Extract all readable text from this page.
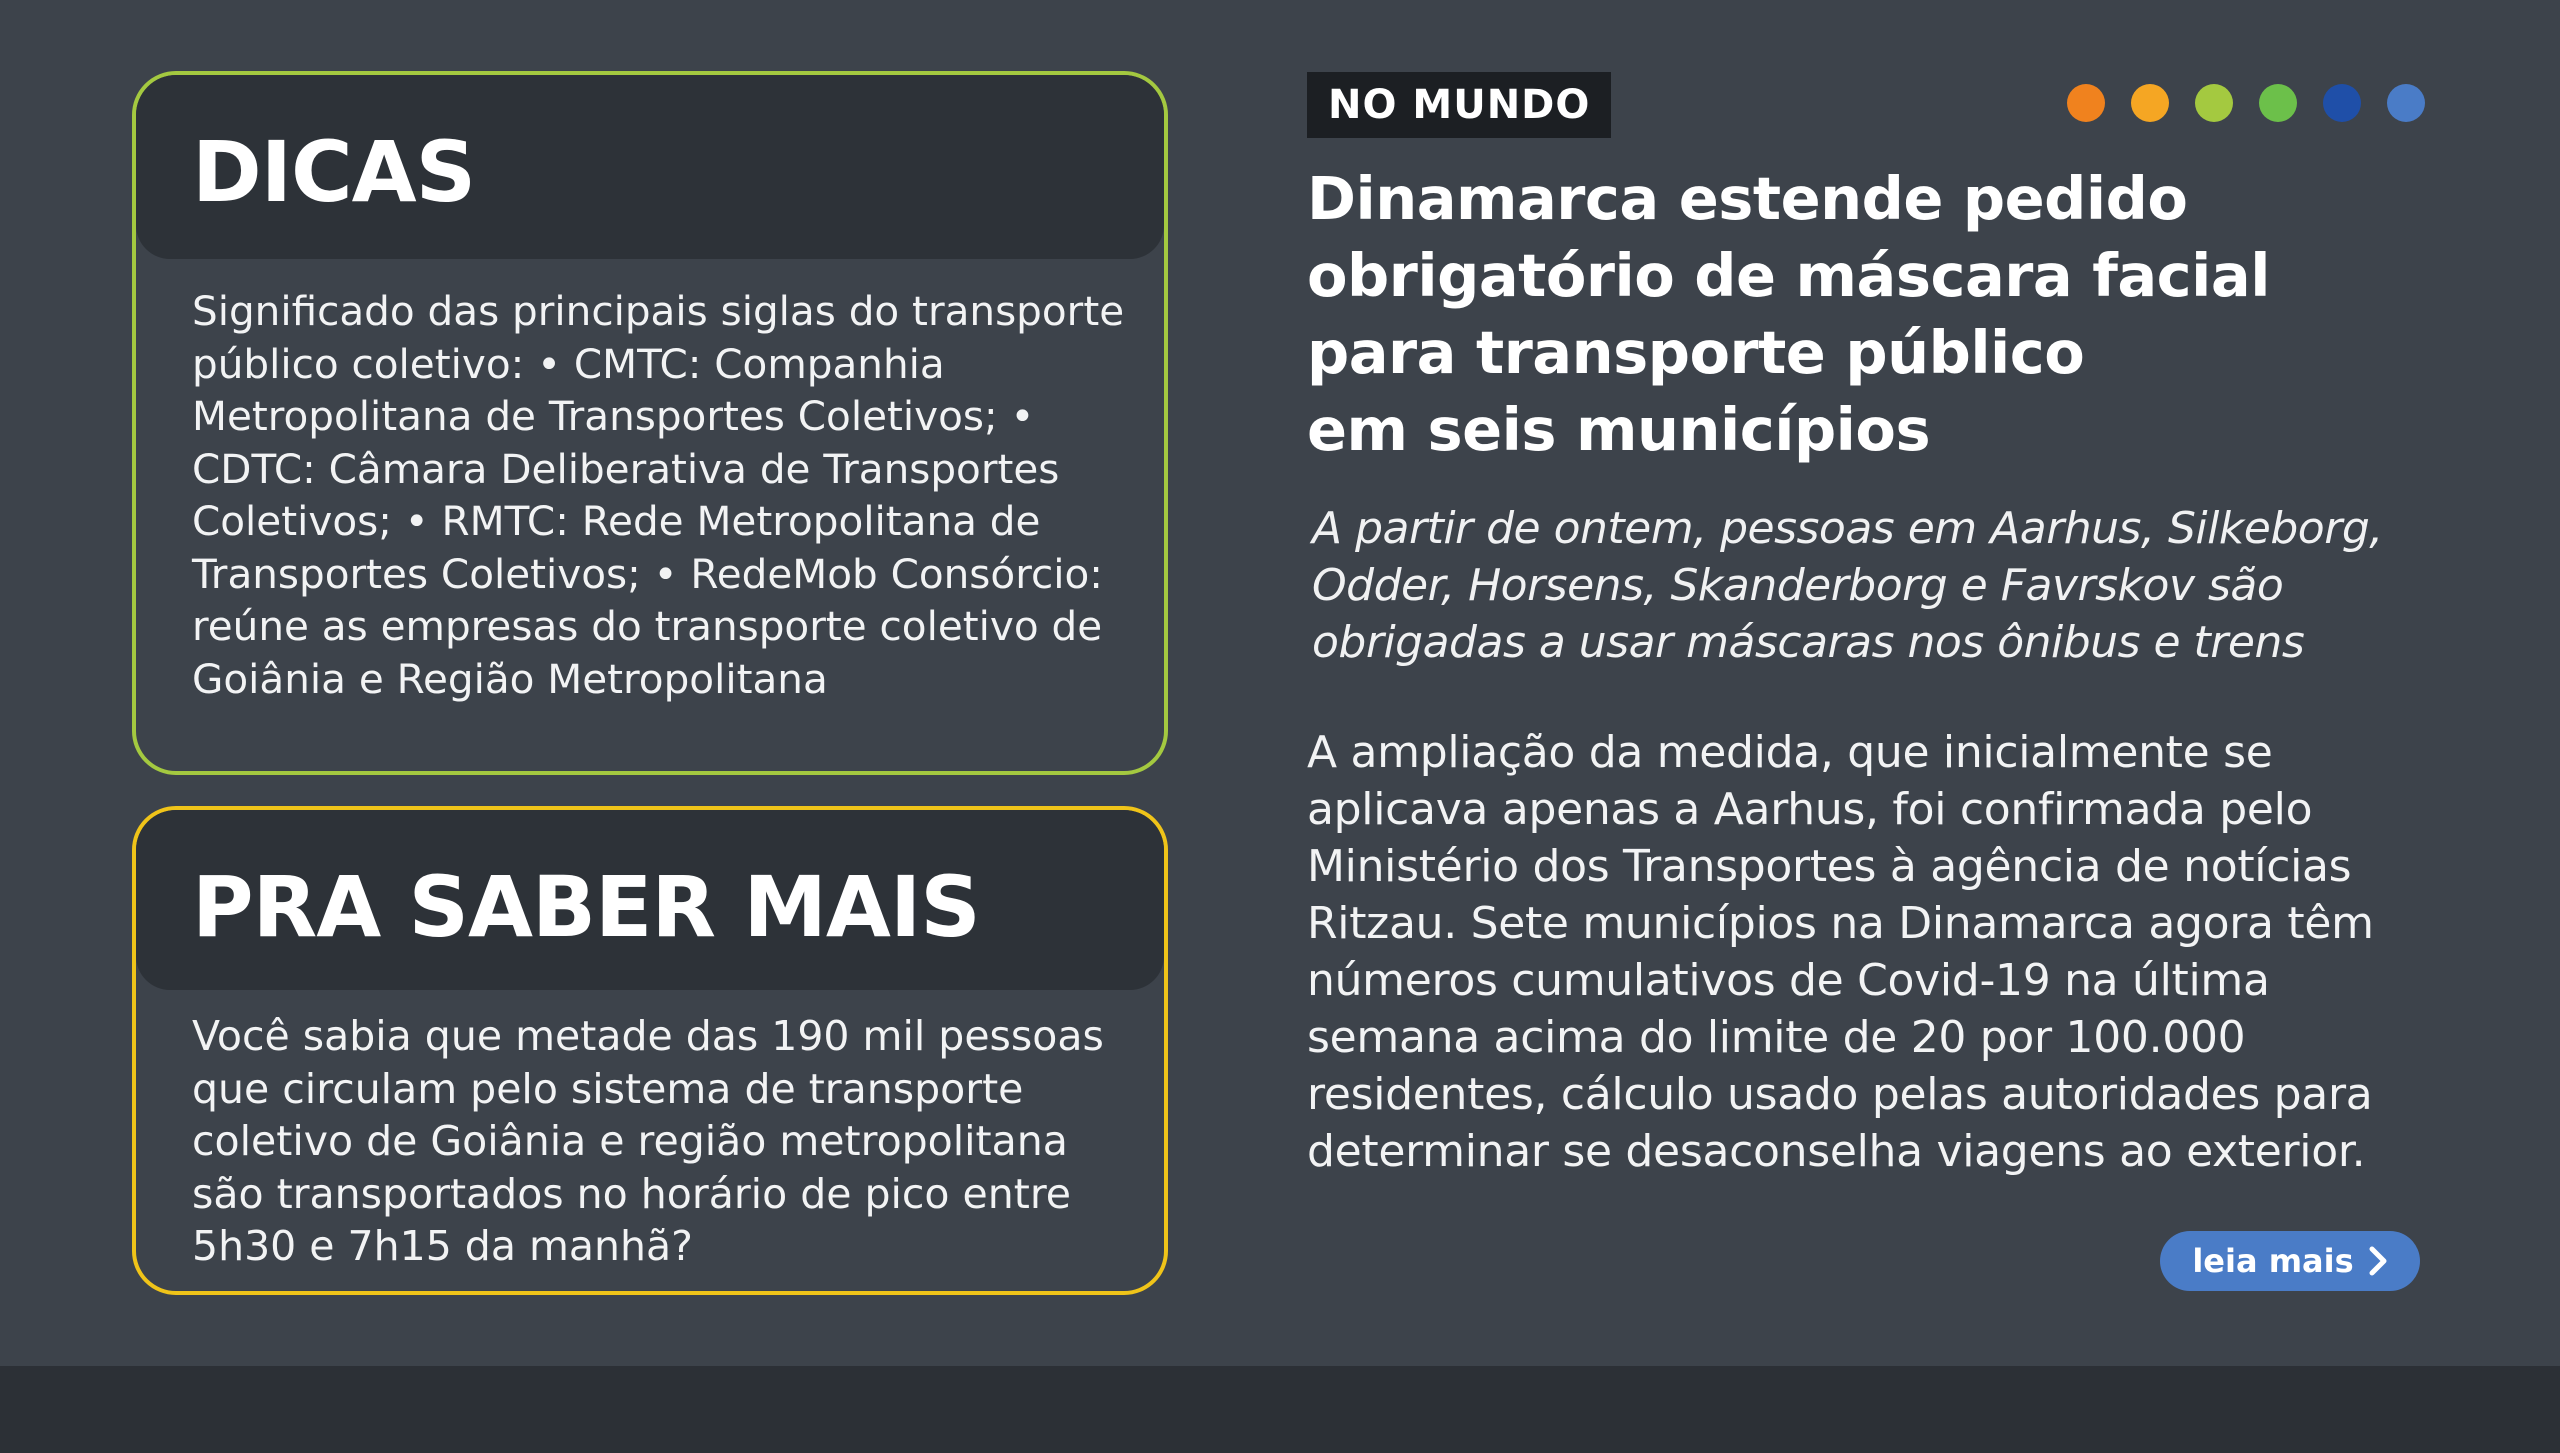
DICAS
Significado das principais siglas do transporte público coletivo: • CMTC: Companhia Metropolitana de Transportes Coletivos; • CDTC: Câmara Deliberativa de Transportes Coletivos; • RMTC: Rede Metropolitana de Transportes Coletivos; • RedeMob Consórcio: reúne as empresas do transporte coletivo de Goiânia e Região Metropolitana
PRA SABER MAIS
Você sabia que metade das 190 mil pessoas que circulam pelo sistema de transporte coletivo de Goiânia e região metropolitana são transportados no horário de pico entre 5h30 e 7h15 da manhã?
NO MUNDO
Dinamarca estende pedido
obrigatório de máscara facial
para transporte público
em seis municípios

A partir de ontem, pessoas em Aarhus, Silkeborg,
Odder, Horsens, Skanderborg e Favrskov são
obrigadas a usar máscaras nos ônibus e trens

A ampliação da medida, que inicialmente se
aplicava apenas a Aarhus, foi confirmada pelo
Ministério dos Transportes à agência de notícias
Ritzau. Sete municípios na Dinamarca agora têm
números cumulativos de Covid-19 na última
semana acima do limite de 20 por 100.000
residentes, cálculo usado pelas autoridades para
determinar se desaconselha viagens ao exterior.

leia mais
